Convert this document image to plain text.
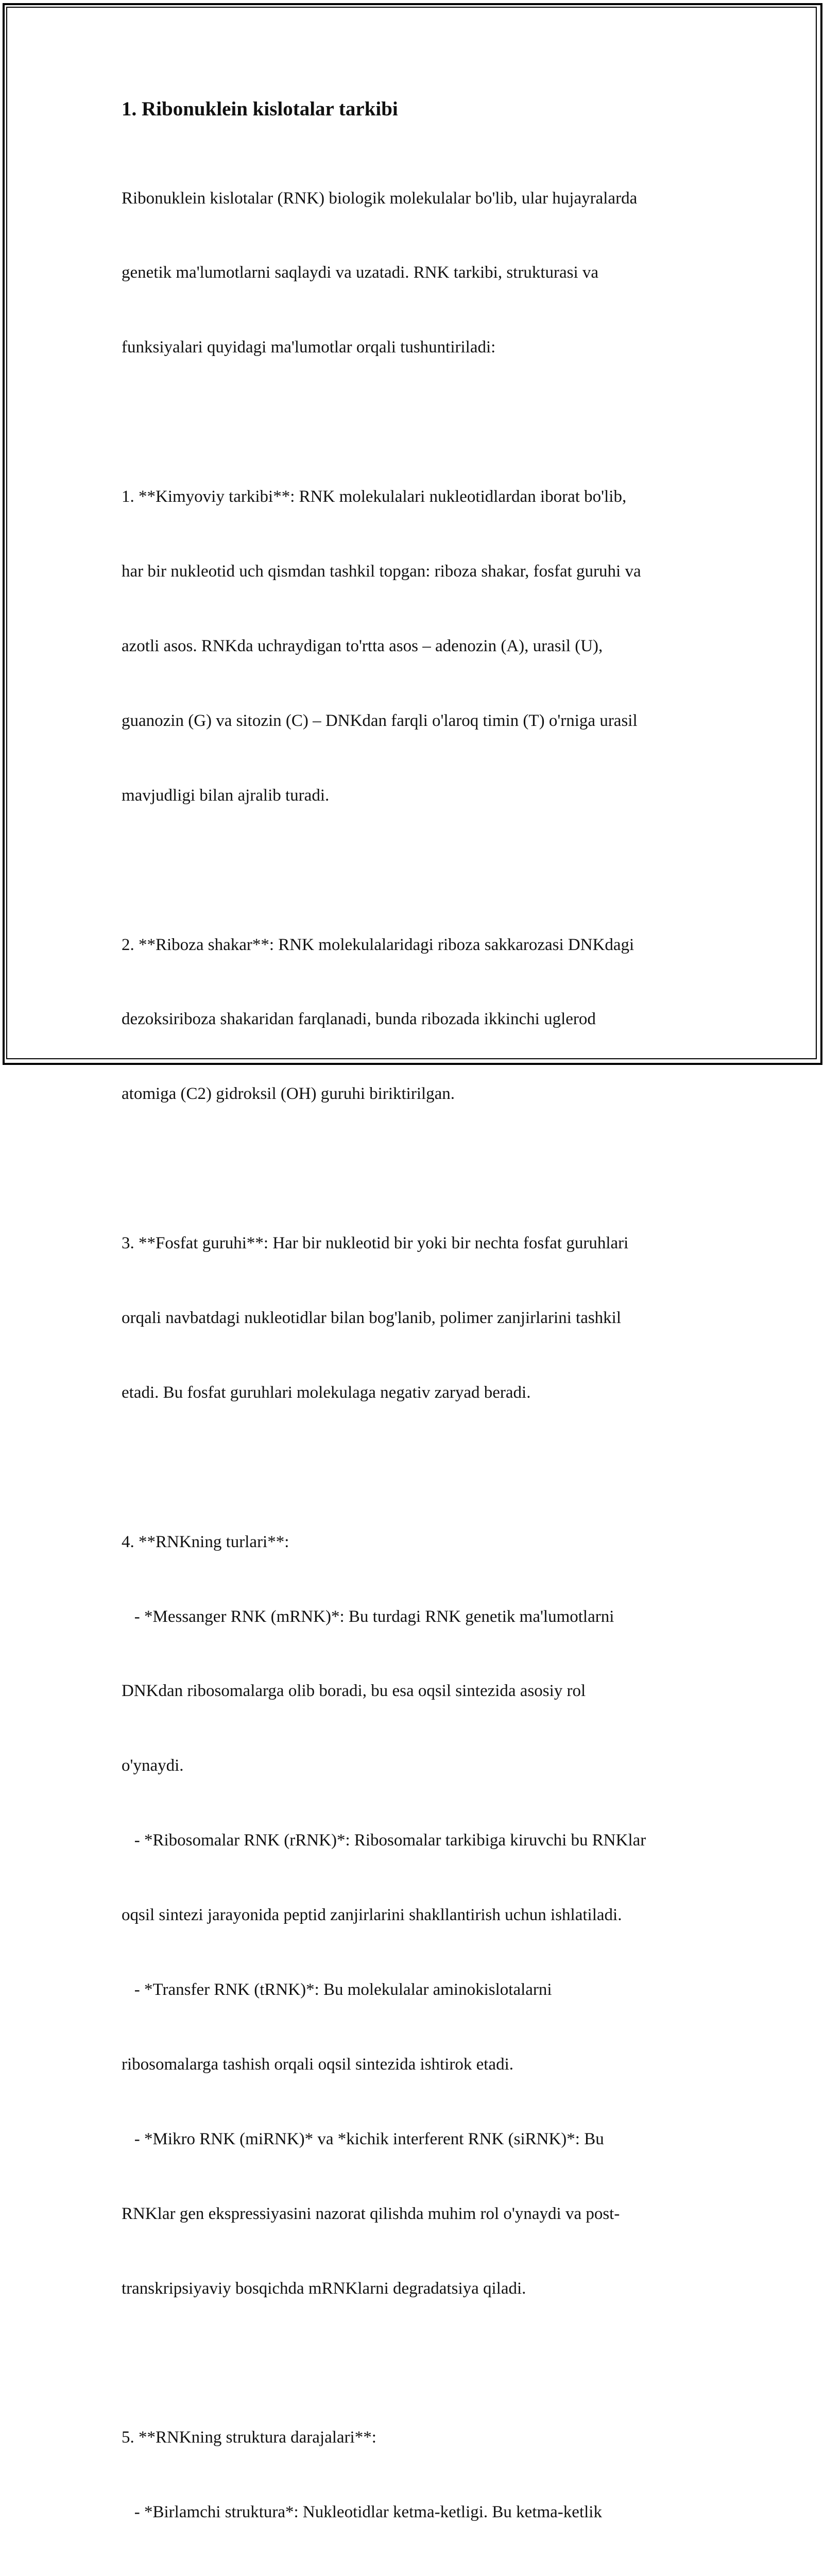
1. Ribonuklein kislotalar tarkibi

Ribonuklein kislotalar (RNK) biologik molekulalar bo'lib, ular hujayralarda

genetik ma'lumotlarni saqlaydi va uzatadi. RNK tarkibi, strukturasi va

funksiyalari quyidagi ma'lumotlar orqali tushuntiriladi:

1. **Kimyoviy tarkibi**: RNK molekulalari nukleotidlardan iborat bo'lib,

har bir nukleotid uch qismdan tashkil topgan: riboza shakar, fosfat guruhi va

azotli asos. RNKda uchraydigan to'rtta asos – adenozin (A), urasil (U),

guanozin (G) va sitozin (C) – DNKdan farqli o'laroq timin (T) o'rniga urasil

mavjudligi bilan ajralib turadi.

2. **Riboza shakar**: RNK molekulalaridagi riboza sakkarozasi DNKdagi

dezoksiriboza shakaridan farqlanadi, bunda ribozada ikkinchi uglerod

atomiga (C2) gidroksil (OH) guruhi biriktirilgan.

3. **Fosfat guruhi**: Har bir nukleotid bir yoki bir nechta fosfat guruhlari

orqali navbatdagi nukleotidlar bilan bog'lanib, polimer zanjirlarini tashkil

etadi. Bu fosfat guruhlari molekulaga negativ zaryad beradi.

4. **RNKning turlari**:

- *Messanger RNK (mRNK)*: Bu turdagi RNK genetik ma'lumotlarni

DNKdan ribosomalarga olib boradi, bu esa oqsil sintezida asosiy rol

o'ynaydi.

- *Ribosomalar RNK (rRNK)*: Ribosomalar tarkibiga kiruvchi bu RNKlar

oqsil sintezi jarayonida peptid zanjirlarini shakllantirish uchun ishlatiladi.

- *Transfer RNK (tRNK)*: Bu molekulalar aminokislotalarni

ribosomalarga tashish orqali oqsil sintezida ishtirok etadi.

- *Mikro RNK (miRNK)* va *kichik interferent RNK (siRNK)*: Bu

RNKlar gen ekspressiyasini nazorat qilishda muhim rol o'ynaydi va post-

transkripsiyaviy bosqichda mRNKlarni degradatsiya qiladi.

5. **RNKning struktura darajalari**:

- *Birlamchi struktura*: Nukleotidlar ketma-ketligi. Bu ketma-ketlik
